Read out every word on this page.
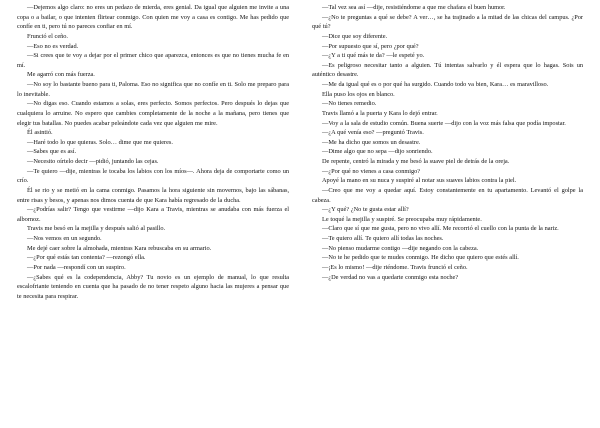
—Dejemos algo claro: no eres un pedazo de mierda, eres genial. Da igual que alguien me invite a una copa o a bailar, o que intenten flirtear conmigo. Con quien me voy a casa es contigo. Me has pedido que confíe en ti, pero tú no pareces confiar en mí.

Frunció el ceño.

—Eso no es verdad.

—Si crees que te voy a dejar por el primer chico que aparezca, entonces es que no tienes mucha fe en mí.

Me agarró con más fuerza.

—No soy lo bastante bueno para ti, Paloma. Eso no significa que no confíe en ti. Solo me preparo para lo inevitable.

—No digas eso. Cuando estamos a solas, eres perfecto. Somos perfectos. Pero después lo dejas que cualquiera lo arruine. No espero que cambies completamente de la noche a la mañana, pero tienes que elegir tus batallas. No puedes acabar peleándote cada vez que alguien me mire.

Él asintió.

—Haré todo lo que quieras. Solo… dime que me quieres.

—Sabes que es así.

—Necesito oírtelo decir —pidió, juntando las cejas.

—Te quiero —dije, mientras le tocaba los labios con los míos—. Ahora deja de comportarte como un crío.

Él se rio y se metió en la cama conmigo. Pasamos la hora siguiente sin movernos, bajo las sábanas, entre risas y besos, y apenas nos dimos cuenta de que Kara había regresado de la ducha.

—¿Podrías salir? Tengo que vestirme —dijo Kara a Travis, mientras se anudaba con más fuerza el albornoz.

Travis me besó en la mejilla y después salió al pasillo.

—Nos vemos en un segundo.

Me dejé caer sobre la almohada, mientras Kara rebuscaba en su armario.

—¿Por qué estás tan contenta? —rezongó ella.

—Por nada —respondí con un suspiro.

—¿Sabes qué es la codependencia, Abby? Tu novio es un ejemplo de manual, lo que resulta escalofriante teniendo en cuenta que ha pasado de no tener respeto alguno hacia las mujeres a pensar que te necesita para respirar.

—Tal vez sea así —dije, resistiéndome a que me chafara el buen humor.

—¿No te preguntas a qué se debe? A ver…, se ha trajinado a la mitad de las chicas del campus. ¿Por qué tú?

—Dice que soy diferente.

—Por supuesto que sí, pero ¿por qué?

—¿Y a ti qué más te da? —le espeté yo.

—Es peligroso necesitar tanto a alguien. Tú intentas salvarlo y él espera que lo hagas. Sois un auténtico desastre.

—Me da igual qué es o por qué ha surgido. Cuando todo va bien, Kara… es maravilloso.

Ella puso los ojos en blanco.

—No tienes remedio.

Travis llamó a la puerta y Kara lo dejó entrar.

—Voy a la sala de estudio común. Buena suerte —dijo con la voz más falsa que podía impostar.

—¿A qué venía eso? —preguntó Travis.

—Me ha dicho que somos un desastre.

—Dime algo que no sepa —dijo sonriendo.

De repente, centró la mirada y me besó la suave piel de detrás de la oreja.

—¿Por qué no vienes a casa conmigo?

Apoyé la mano en su nuca y suspiré al notar sus suaves labios contra la piel.

—Creo que me voy a quedar aquí. Estoy constantemente en tu apartamento. Levantó el golpe la cabeza.

—¿Y qué? ¿No te gusta estar allí?

Le toqué la mejilla y suspiré. Se preocupaba muy rápidamente.

—Claro que sí que me gusta, pero no vivo allí. Me recorrió el cuello con la punta de la nariz.

—Te quiero allí. Te quiero allí todas las noches.

—No pienso mudarme contigo —dije negando con la cabeza.

—No te he pedido que te mudes conmigo. He dicho que quiero que estés allí.

—¡Es lo mismo! —dije riéndome. Travis frunció el ceño.

—¿De verdad no vas a quedarte conmigo esta noche?
